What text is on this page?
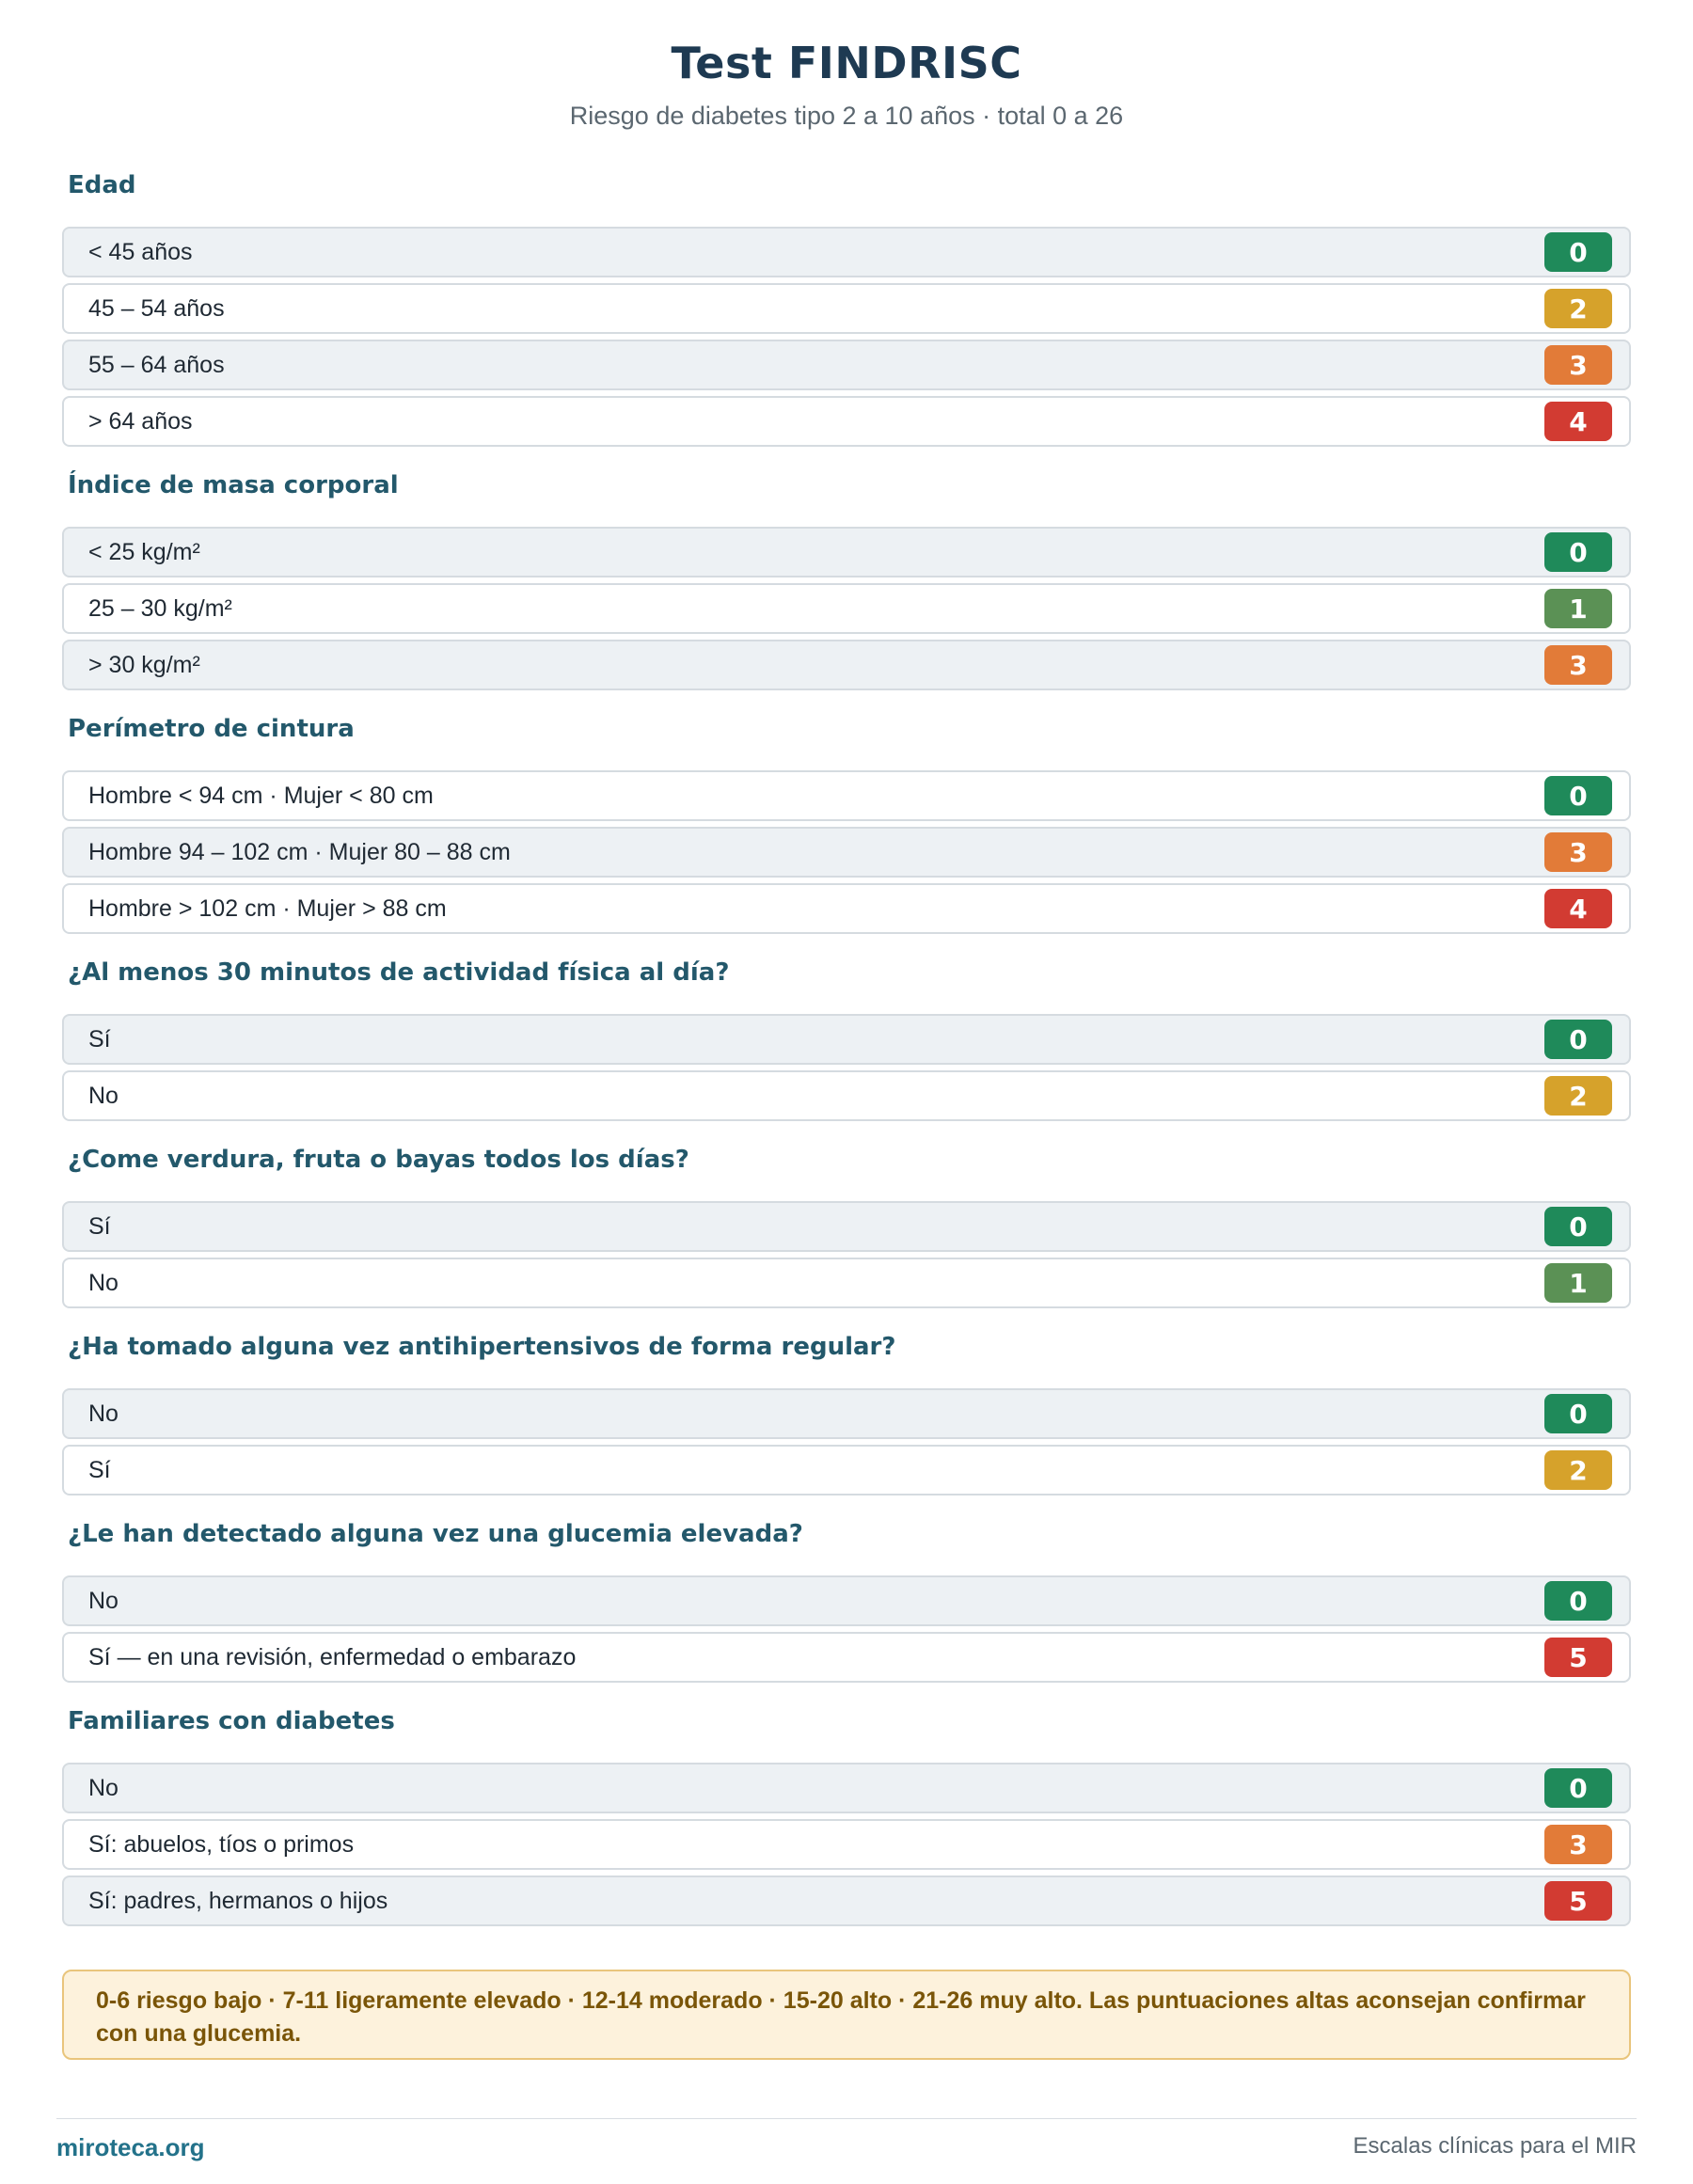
Test FINDRISC
Riesgo de diabetes tipo 2 a 10 años · total 0 a 26
Edad
< 45 años	0
45 – 54 años	2
55 – 64 años	3
> 64 años	4
Índice de masa corporal
< 25 kg/m²	0
25 – 30 kg/m²	1
> 30 kg/m²	3
Perímetro de cintura
Hombre < 94 cm · Mujer < 80 cm	0
Hombre 94 – 102 cm · Mujer 80 – 88 cm	3
Hombre > 102 cm · Mujer > 88 cm	4
¿Al menos 30 minutos de actividad física al día?
Sí	0
No	2
¿Come verdura, fruta o bayas todos los días?
Sí	0
No	1
¿Ha tomado alguna vez antihipertensivos de forma regular?
No	0
Sí	2
¿Le han detectado alguna vez una glucemia elevada?
No	0
Sí — en una revisión, enfermedad o embarazo	5
Familiares con diabetes
No	0
Sí: abuelos, tíos o primos	3
Sí: padres, hermanos o hijos	5
0-6 riesgo bajo · 7-11 ligeramente elevado · 12-14 moderado · 15-20 alto · 21-26 muy alto. Las puntuaciones altas aconsejan confirmar con una glucemia.
miroteca.org	Escalas clínicas para el MIR
